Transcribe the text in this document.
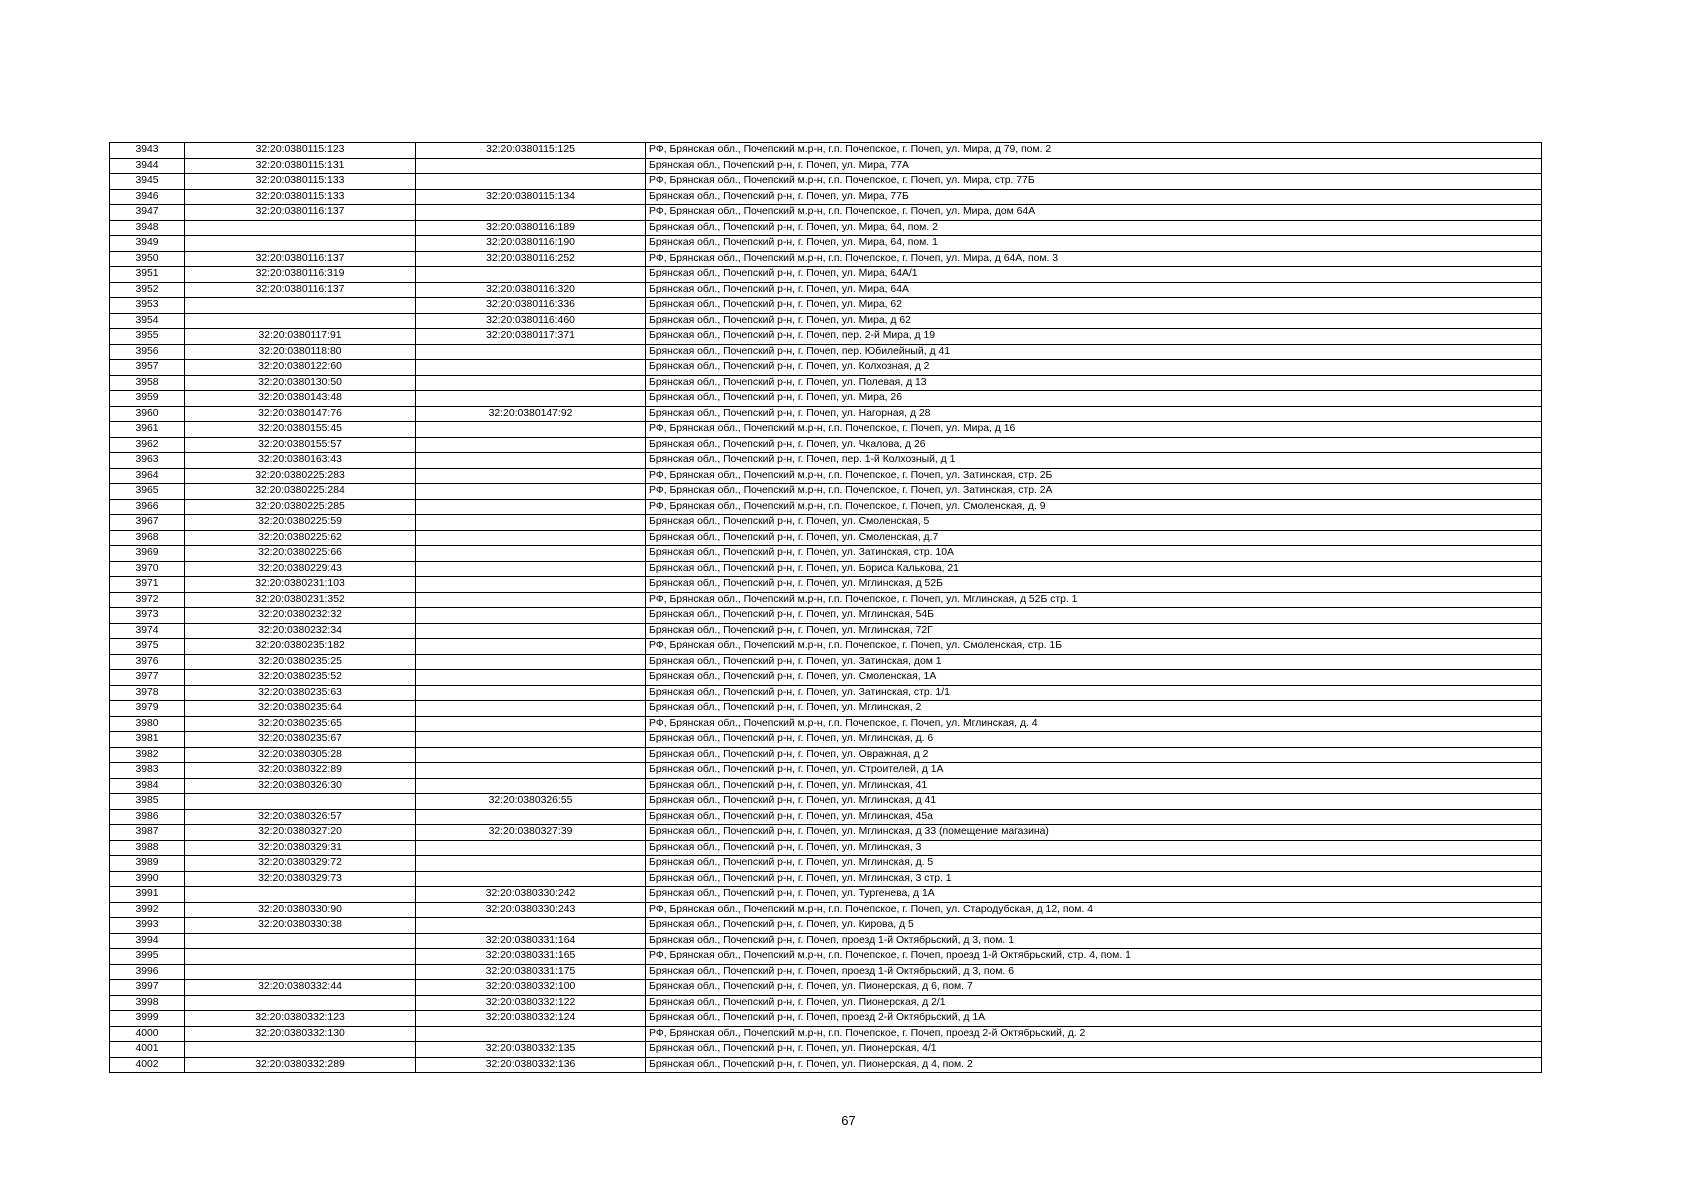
3943	32:20:0380115:123	32:20:0380115:125	РФ, Брянская обл., Почепский м.р-н, г.п. Почепское, г. Почеп, ул. Мира, д 79, пом. 2
3944	32:20:0380115:131		Брянская обл., Почепский р-н, г. Почеп, ул. Мира, 77А
3945	32:20:0380115:133		РФ, Брянская обл., Почепский м.р-н, г.п. Почепское, г. Почеп, ул. Мира, стр. 77Б
3946	32:20:0380115:133	32:20:0380115:134	Брянская обл., Почепский р-н, г. Почеп, ул. Мира, 77Б
3947	32:20:0380116:137		РФ, Брянская обл., Почепский м.р-н, г.п. Почепское, г. Почеп, ул. Мира, дом 64А
3948		32:20:0380116:189	Брянская обл., Почепский р-н, г. Почеп, ул. Мира, 64, пом. 2
3949		32:20:0380116:190	Брянская обл., Почепский р-н, г. Почеп, ул. Мира, 64, пом. 1
3950	32:20:0380116:137	32:20:0380116:252	РФ, Брянская обл., Почепский м.р-н, г.п. Почепское, г. Почеп, ул. Мира, д 64А, пом. 3
3951	32:20:0380116:319		Брянская обл., Почепский р-н, г. Почеп, ул. Мира, 64А/1
3952	32:20:0380116:137	32:20:0380116:320	Брянская обл., Почепский р-н, г. Почеп, ул. Мира, 64А
3953		32:20:0380116:336	Брянская обл., Почепский р-н, г. Почеп, ул. Мира, 62
3954		32:20:0380116:460	Брянская обл., Почепский р-н, г. Почеп, ул. Мира, д 62
3955	32:20:0380117:91	32:20:0380117:371	Брянская обл., Почепский р-н, г. Почеп, пер. 2-й Мира, д 19
3956	32:20:0380118:80		Брянская обл., Почепский р-н, г. Почеп, пер. Юбилейный, д 41
3957	32:20:0380122:60		Брянская обл., Почепский р-н, г. Почеп, ул. Колхозная, д 2
3958	32:20:0380130:50		Брянская обл., Почепский р-н, г. Почеп, ул. Полевая, д 13
3959	32:20:0380143:48		Брянская обл., Почепский р-н, г. Почеп, ул. Мира, 26
3960	32:20:0380147:76	32:20:0380147:92	Брянская обл., Почепский р-н, г. Почеп, ул. Нагорная, д 28
3961	32:20:0380155:45		РФ, Брянская обл., Почепский м.р-н, г.п. Почепское, г. Почеп, ул. Мира, д 16
3962	32:20:0380155:57		Брянская обл., Почепский р-н, г. Почеп, ул. Чкалова, д 26
3963	32:20:0380163:43		Брянская обл., Почепский р-н, г. Почеп, пер. 1-й Колхозный, д 1
3964	32:20:0380225:283		РФ, Брянская обл., Почепский м.р-н, г.п. Почепское, г. Почеп, ул. Затинская, стр. 2Б
3965	32:20:0380225:284		РФ, Брянская обл., Почепский м.р-н, г.п. Почепское, г. Почеп, ул. Затинская, стр. 2А
3966	32:20:0380225:285		РФ, Брянская обл., Почепский м.р-н, г.п. Почепское, г. Почеп, ул. Смоленская, д. 9
3967	32:20:0380225:59		Брянская обл., Почепский р-н, г. Почеп, ул. Смоленская, 5
3968	32:20:0380225:62		Брянская обл., Почепский р-н, г. Почеп, ул. Смоленская, д.7
3969	32:20:0380225:66		Брянская обл., Почепский р-н, г. Почеп, ул. Затинская, стр. 10А
3970	32:20:0380229:43		Брянская обл., Почепский р-н, г. Почеп, ул. Бориса Калькова, 21
3971	32:20:0380231:103		Брянская обл., Почепский р-н, г. Почеп, ул. Мглинская, д 52Б
3972	32:20:0380231:352		РФ, Брянская обл., Почепский м.р-н, г.п. Почепское, г. Почеп, ул. Мглинская, д 52Б стр. 1
3973	32:20:0380232:32		Брянская обл., Почепский р-н, г. Почеп, ул. Мглинская, 54Б
3974	32:20:0380232:34		Брянская обл., Почепский р-н, г. Почеп, ул. Мглинская, 72Г
3975	32:20:0380235:182		РФ, Брянская обл., Почепский м.р-н, г.п. Почепское, г. Почеп, ул. Смоленская, стр. 1Б
3976	32:20:0380235:25		Брянская обл., Почепский р-н, г. Почеп, ул. Затинская, дом 1
3977	32:20:0380235:52		Брянская обл., Почепский р-н, г. Почеп, ул. Смоленская, 1А
3978	32:20:0380235:63		Брянская обл., Почепский р-н, г. Почеп, ул. Затинская, стр. 1/1
3979	32:20:0380235:64		Брянская обл., Почепский р-н, г. Почеп, ул. Мглинская, 2
3980	32:20:0380235:65		РФ, Брянская обл., Почепский м.р-н, г.п. Почепское, г. Почеп, ул. Мглинская, д. 4
3981	32:20:0380235:67		Брянская обл., Почепский р-н, г. Почеп, ул. Мглинская, д. 6
3982	32:20:0380305:28		Брянская обл., Почепский р-н, г. Почеп, ул. Овражная, д 2
3983	32:20:0380322:89		Брянская обл., Почепский р-н, г. Почеп, ул. Строителей, д 1А
3984	32:20:0380326:30		Брянская обл., Почепский р-н, г. Почеп, ул. Мглинская, 41
3985		32:20:0380326:55	Брянская обл., Почепский р-н, г. Почеп, ул. Мглинская, д 41
3986	32:20:0380326:57		Брянская обл., Почепский р-н, г. Почеп, ул. Мглинская, 45а
3987	32:20:0380327:20	32:20:0380327:39	Брянская обл., Почепский р-н, г. Почеп, ул. Мглинская, д 33 (помещение магазина)
3988	32:20:0380329:31		Брянская обл., Почепский р-н, г. Почеп, ул. Мглинская, 3
3989	32:20:0380329:72		Брянская обл., Почепский р-н, г. Почеп, ул. Мглинская, д. 5
3990	32:20:0380329:73		Брянская обл., Почепский р-н, г. Почеп, ул. Мглинская, 3 стр. 1
3991		32:20:0380330:242	Брянская обл., Почепский р-н, г. Почеп, ул. Тургенева, д 1А
3992	32:20:0380330:90	32:20:0380330:243	РФ, Брянская обл., Почепский м.р-н, г.п. Почепское, г. Почеп, ул. Стародубская, д 12, пом. 4
3993	32:20:0380330:38		Брянская обл., Почепский р-н, г. Почеп, ул. Кирова, д 5
3994		32:20:0380331:164	Брянская обл., Почепский р-н, г. Почеп, проезд 1-й Октябрьский, д 3, пом. 1
3995		32:20:0380331:165	РФ, Брянская обл., Почепский м.р-н, г.п. Почепское, г. Почеп, проезд 1-й Октябрьский, стр. 4, пом. 1
3996		32:20:0380331:175	Брянская обл., Почепский р-н, г. Почеп, проезд 1-й Октябрьский, д 3, пом. 6
3997	32:20:0380332:44	32:20:0380332:100	Брянская обл., Почепский р-н, г. Почеп, ул. Пионерская, д 6, пом. 7
3998		32:20:0380332:122	Брянская обл., Почепский р-н, г. Почеп, ул. Пионерская, д 2/1
3999	32:20:0380332:123	32:20:0380332:124	Брянская обл., Почепский р-н, г. Почеп, проезд 2-й Октябрьский, д 1А
4000	32:20:0380332:130		РФ, Брянская обл., Почепский м.р-н, г.п. Почепское, г. Почеп, проезд 2-й Октябрьский, д. 2
4001		32:20:0380332:135	Брянская обл., Почепский р-н, г. Почеп, ул. Пионерская, 4/1
4002	32:20:0380332:289	32:20:0380332:136	Брянская обл., Почепский р-н, г. Почеп, ул. Пионерская, д 4, пом. 2
67
